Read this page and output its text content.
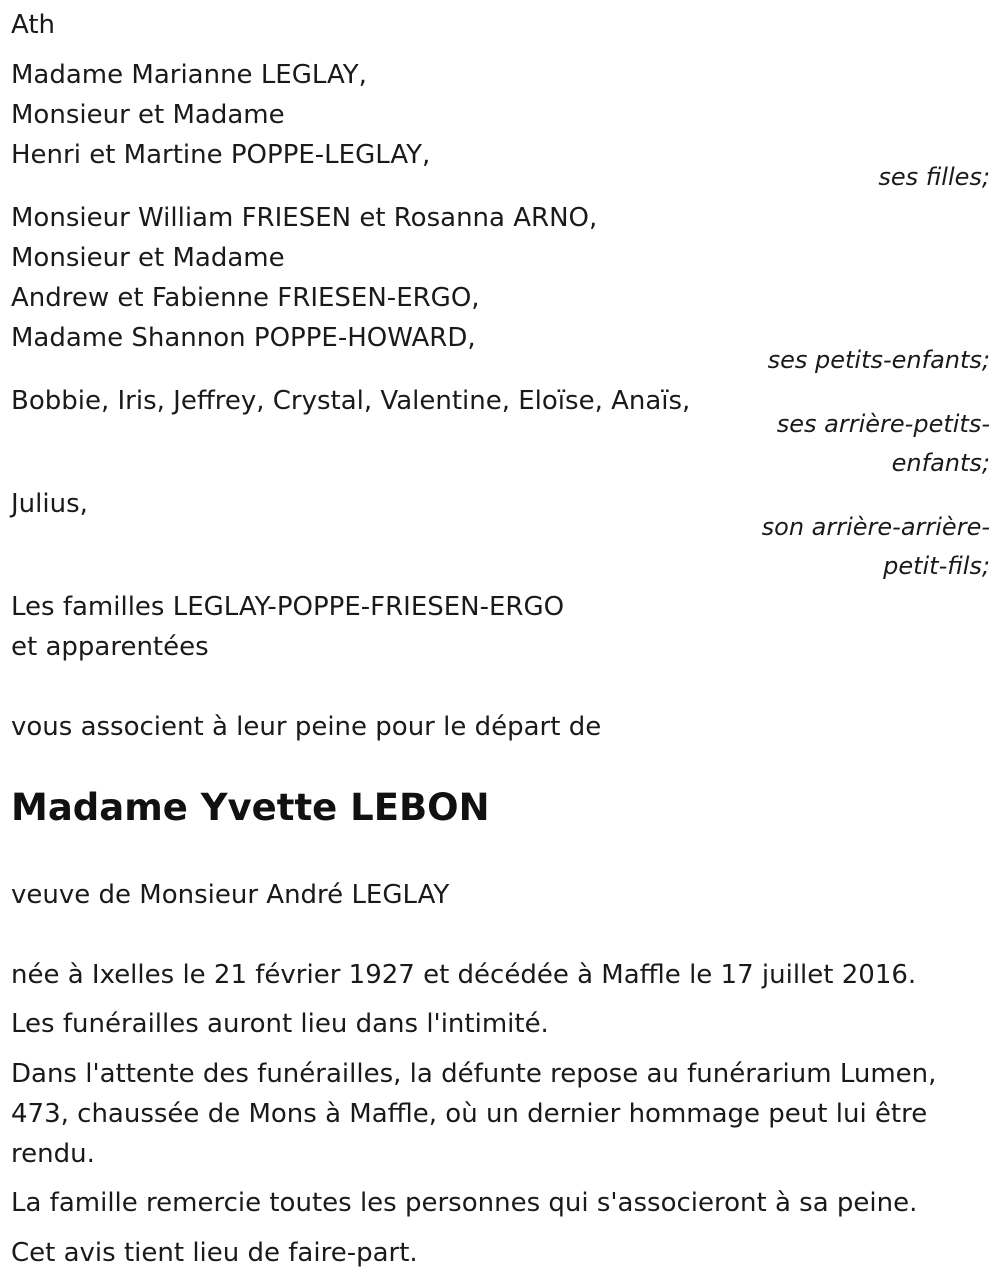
Ath
Madame Marianne LEGLAY,
Monsieur et Madame
Henri et Martine POPPE-LEGLAY,
ses filles;
Monsieur William FRIESEN et Rosanna ARNO,
Monsieur et Madame
Andrew et Fabienne FRIESEN-ERGO,
Madame Shannon POPPE-HOWARD,
ses petits-enfants;
Bobbie, Iris, Jeffrey, Crystal, Valentine, Eloïse, Anaïs,
ses arrière-petits-
enfants;
Julius,
son arrière-arrière-
petit-fils;
Les familles LEGLAY-POPPE-FRIESEN-ERGO
et apparentées
vous associent à leur peine pour le départ de
Madame Yvette LEBON
veuve de Monsieur André LEGLAY
née à Ixelles le 21 février 1927 et décédée à Maffle le 17 juillet 2016.
Les funérailles auront lieu dans l'intimité.
Dans l'attente des funérailles, la défunte repose au funérarium Lumen, 473, chaussée de Mons à Maffle, où un dernier hommage peut lui être rendu.
La famille remercie toutes les personnes qui s'associeront à sa peine.
Cet avis tient lieu de faire-part.
